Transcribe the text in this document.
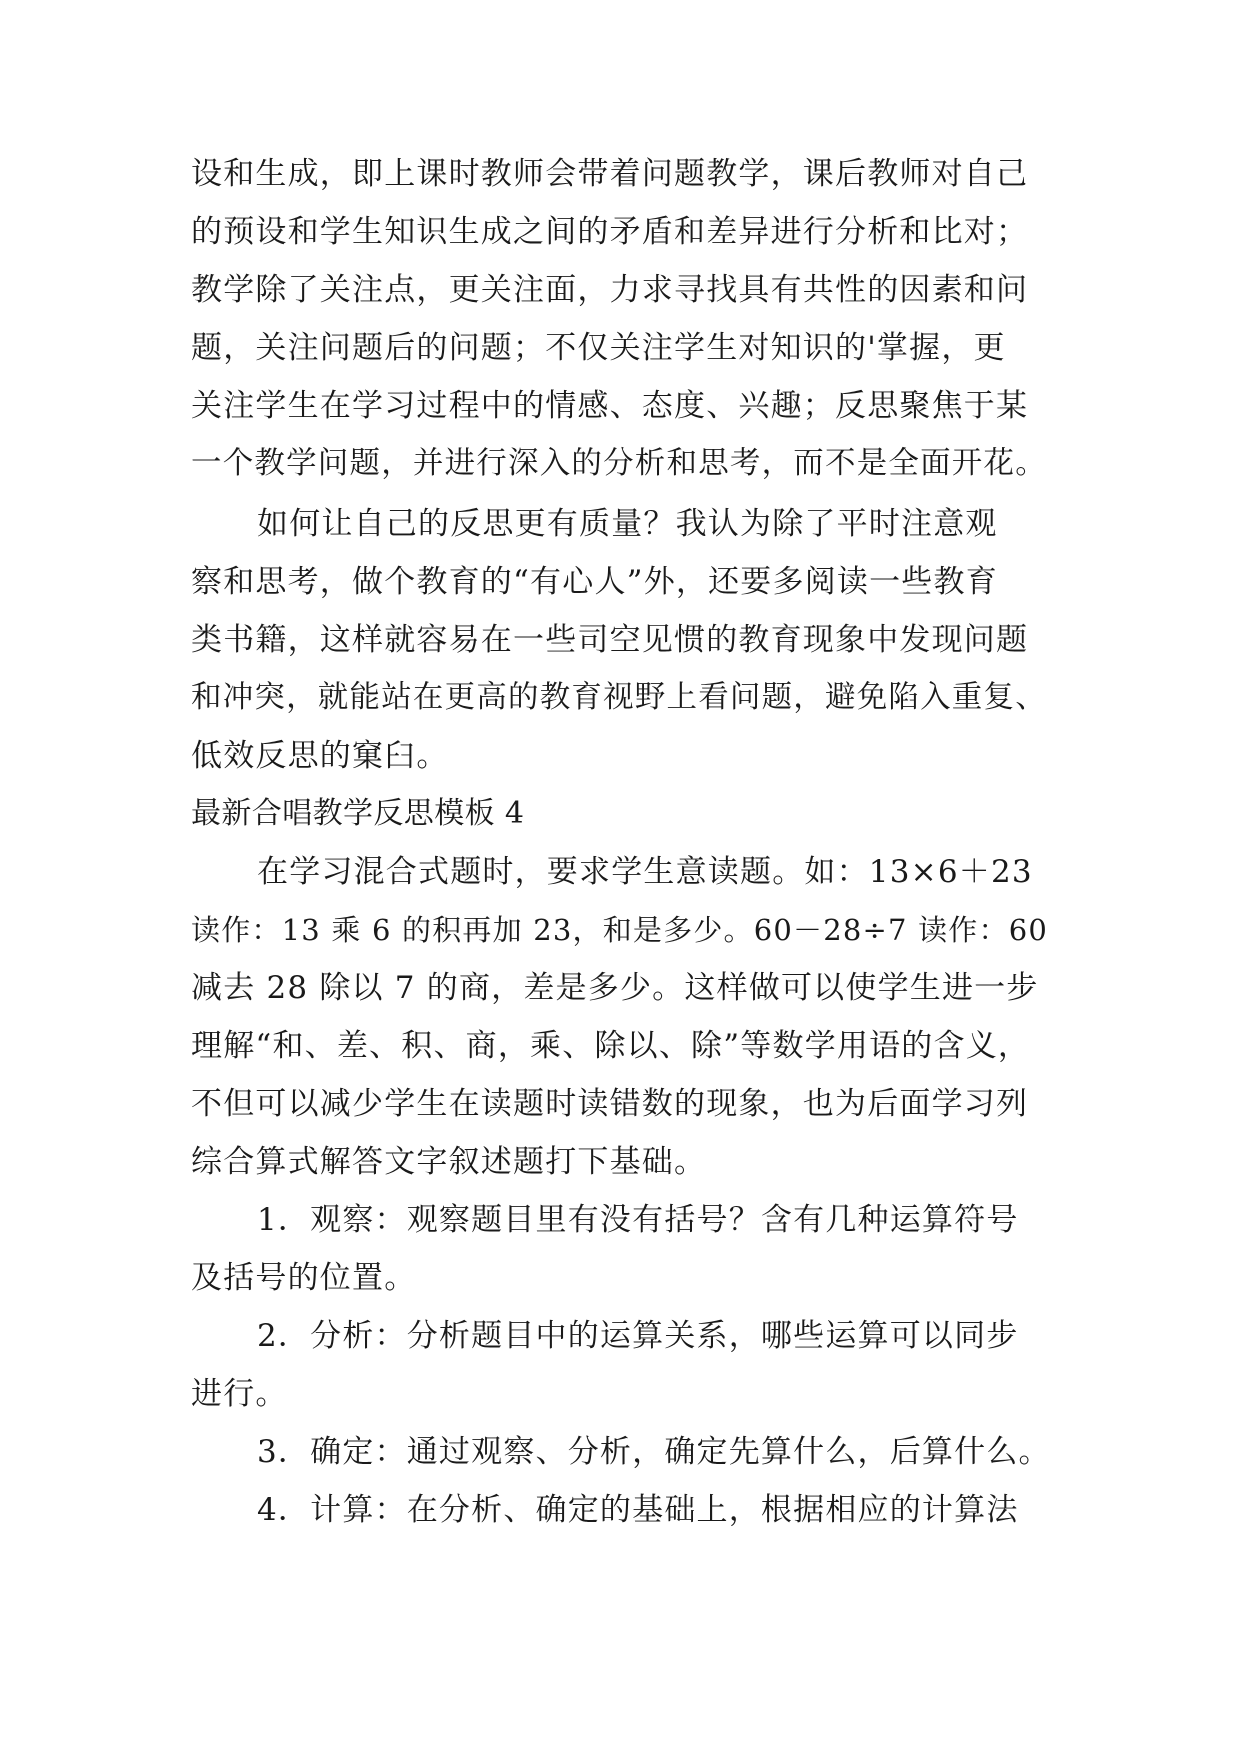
设和生成，即上课时教师会带着问题教学，课后教师对自己
的预设和学生知识生成之间的矛盾和差异进行分析和比对；
教学除了关注点，更关注面，力求寻找具有共性的因素和问
题，关注问题后的问题；不仅关注学生对知识的'掌握，更
关注学生在学习过程中的情感、态度、兴趣；反思聚焦于某
一个教学问题，并进行深入的分析和思考，而不是全面开花。
如何让自己的反思更有质量？我认为除了平时注意观
察和思考，做个教育的“有心人”外，还要多阅读一些教育
类书籍，这样就容易在一些司空见惯的教育现象中发现问题
和冲突，就能站在更高的教育视野上看问题，避免陷入重复、
低效反思的窠臼。
最新合唱教学反思模板 4
在学习混合式题时，要求学生意读题。如：13×6＋23
读作：13 乘 6 的积再加 23，和是多少。60－28÷7 读作：60
减去 28 除以 7 的商，差是多少。这样做可以使学生进一步
理解“和、差、积、商，乘、除以、除”等数学用语的含义，
不但可以减少学生在读题时读错数的现象，也为后面学习列
综合算式解答文字叙述题打下基础。
1．观察：观察题目里有没有括号？含有几种运算符号
及括号的位置。
2．分析：分析题目中的运算关系，哪些运算可以同步
进行。
3．确定：通过观察、分析，确定先算什么，后算什么。
4．计算：在分析、确定的基础上，根据相应的计算法
